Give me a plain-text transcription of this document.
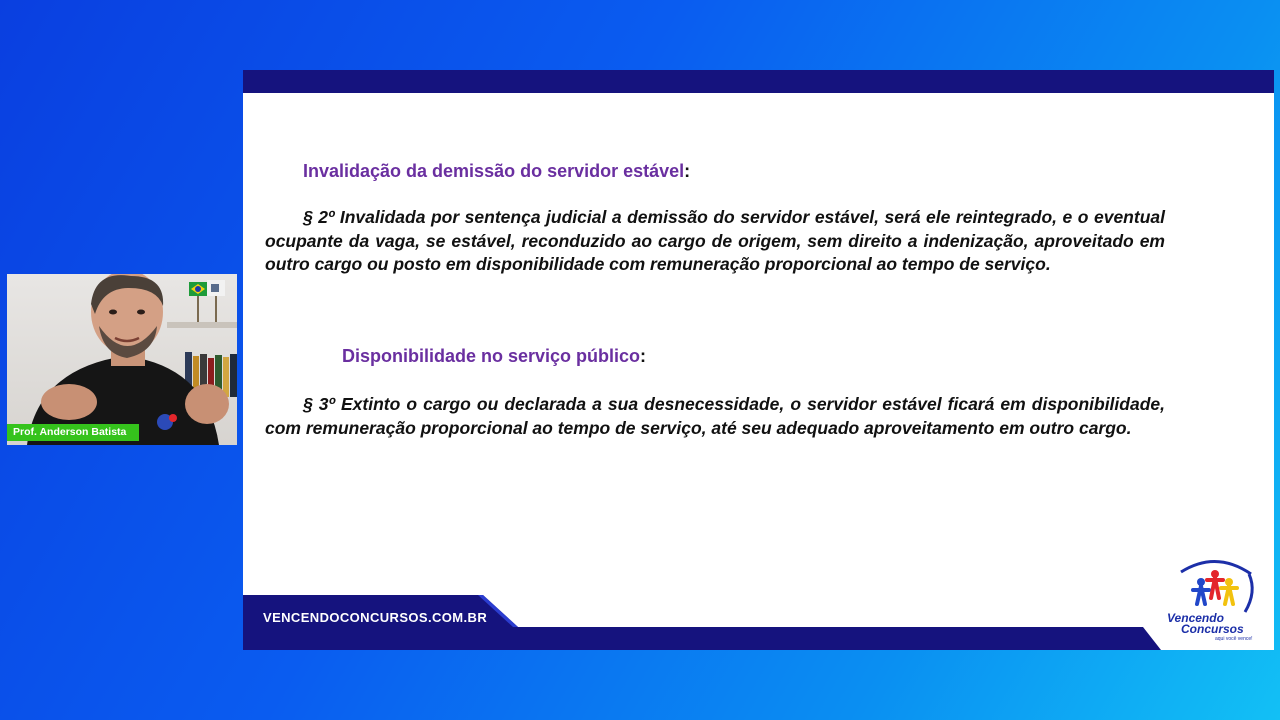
Invalidação da demissão do servidor estável:
§ 2º Invalidada por sentença judicial a demissão do servidor estável, será ele reintegrado, e o eventual ocupante da vaga, se estável, reconduzido ao cargo de origem, sem direito a indenização, aproveitado em outro cargo ou posto em disponibilidade com remuneração proporcional ao tempo de serviço.
Disponibilidade no serviço público:
§ 3º Extinto o cargo ou declarada a sua desnecessidade, o servidor estável ficará em disponibilidade, com remuneração proporcional ao tempo de serviço, até seu adequado aproveitamento em outro cargo.
VENCENDOCONCURSOS.COM.BR	Vencendo
Concursos
aqui você vence!
Prof. Anderson Batista
